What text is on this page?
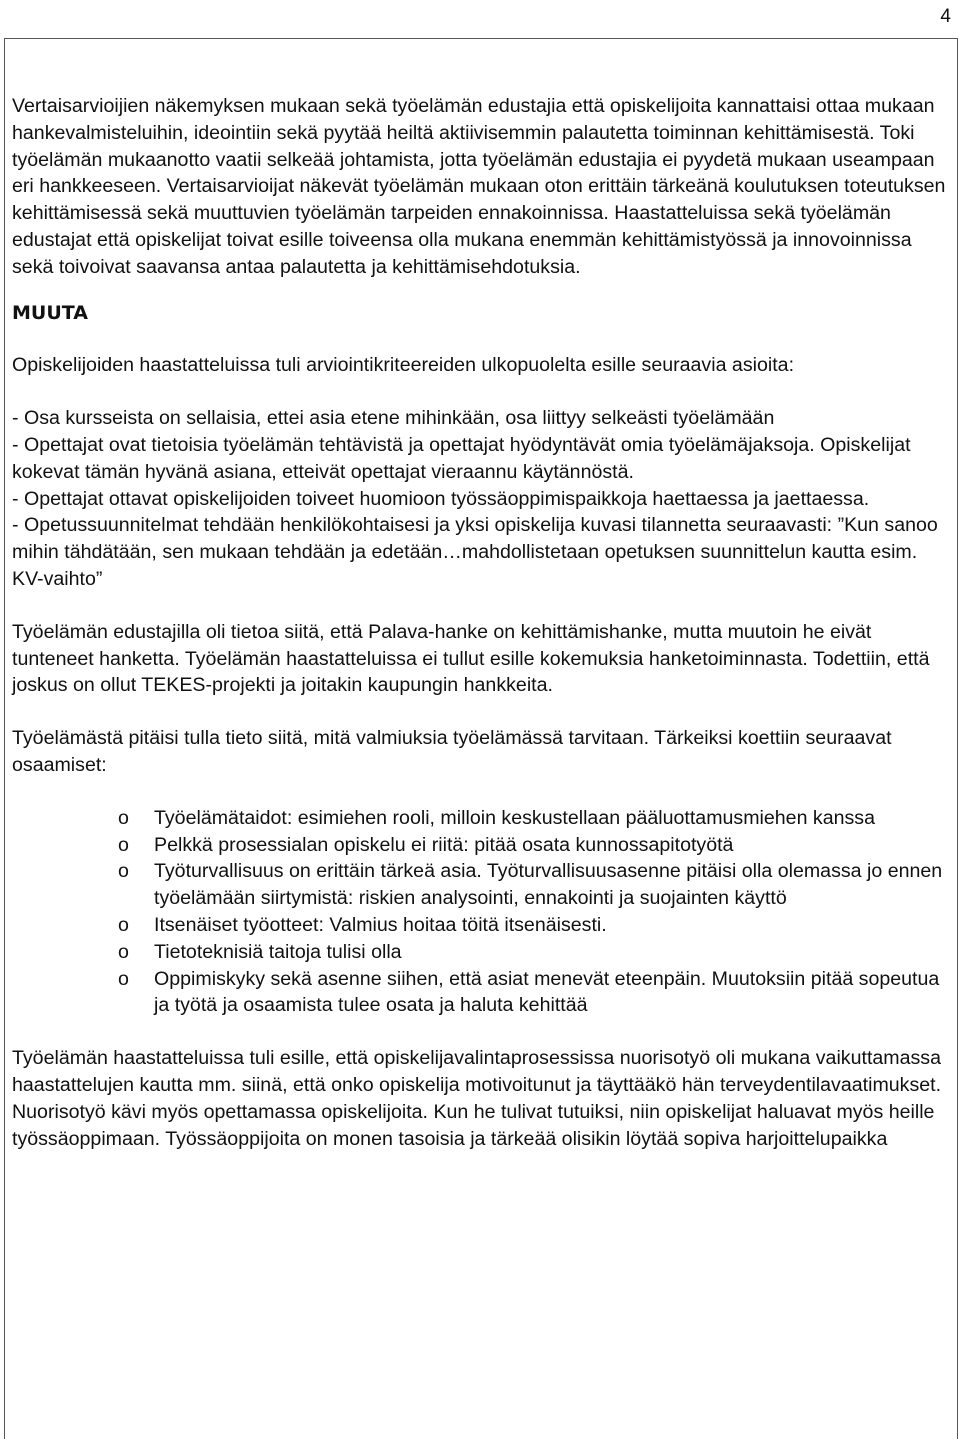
4

Vertaisarvioijien näkemyksen mukaan sekä työelämän edustajia että opiskelijoita kannattaisi ottaa mukaan hankevalmisteluihin, ideointiin sekä pyytää heiltä aktiivisemmin palautetta toiminnan kehittämisestä. Toki työelämän mukaanotto vaatii selkeää johtamista, jotta työelämän edustajia ei pyydetä mukaan useampaan eri hankkeeseen. Vertaisarvioijat näkevät työelämän mukaan oton erittäin tärkeänä koulutuksen toteutuksen kehittämisessä sekä muuttuvien työelämän tarpeiden ennakoinnissa. Haastatteluissa sekä työelämän edustajat että opiskelijat toivat esille toiveensa olla mukana enemmän kehittämistyössä ja innovoinnissa sekä toivoivat saavansa antaa palautetta ja kehittämisehdotuksia.

MUUTA

Opiskelijoiden haastatteluissa tuli arviointikriteereiden ulkopuolelta esille seuraavia asioita:

- Osa kursseista on sellaisia, ettei asia etene mihinkään, osa liittyy selkeästi työelämään

- Opettajat ovat tietoisia työelämän tehtävistä ja opettajat hyödyntävät omia työelämäjaksoja. Opiskelijat kokevat tämän hyvänä asiana, etteivät opettajat vieraannu käytännöstä.

- Opettajat ottavat opiskelijoiden toiveet huomioon työssäoppimispaikkoja haettaessa ja jaettaessa.

- Opetussuunnitelmat tehdään henkilökohtaisesi ja yksi opiskelija kuvasi tilannetta seuraavasti: ”Kun sanoo mihin tähdätään, sen mukaan tehdään ja edetään…mahdollistetaan opetuksen suunnittelun kautta esim. KV-vaihto”

Työelämän edustajilla oli tietoa siitä, että Palava-hanke on kehittämishanke, mutta muutoin he eivät tunteneet hanketta. Työelämän haastatteluissa ei tullut esille kokemuksia hanketoiminnasta. Todettiin, että joskus on ollut TEKES-projekti ja joitakin kaupungin hankkeita.

Työelämästä pitäisi tulla tieto siitä, mitä valmiuksia työelämässä tarvitaan. Tärkeiksi koettiin seuraavat osaamiset:

o Työelämätaidot: esimiehen rooli, milloin keskustellaan pääluottamusmiehen kanssa
o Pelkkä prosessialan opiskelu ei riitä: pitää osata kunnossapitotyötä
o Työturvallisuus on erittäin tärkeä asia. Työturvallisuusasenne pitäisi olla olemassa jo ennen työelämään siirtymistä: riskien analysointi, ennakointi ja suojainten käyttö
o Itsenäiset työotteet: Valmius hoitaa töitä itsenäisesti.
o Tietoteknisiä taitoja tulisi olla
o Oppimiskyky sekä asenne siihen, että asiat menevät eteenpäin. Muutoksiin pitää sopeutua ja työtä ja osaamista tulee osata ja haluta kehittää

Työelämän haastatteluissa tuli esille, että opiskelijavalintaprosessissa nuorisotyö oli mukana vaikuttamassa haastattelujen kautta mm. siinä, että onko opiskelija motivoitunut ja täyttääkö hän terveydentilavaatimukset. Nuorisotyö kävi myös opettamassa opiskelijoita. Kun he tulivat tutuiksi, niin opiskelijat haluavat myös heille työssäoppimaan. Työssäoppijoita on monen tasoisia ja tärkeää olisikin löytää sopiva harjoittelupaikka
